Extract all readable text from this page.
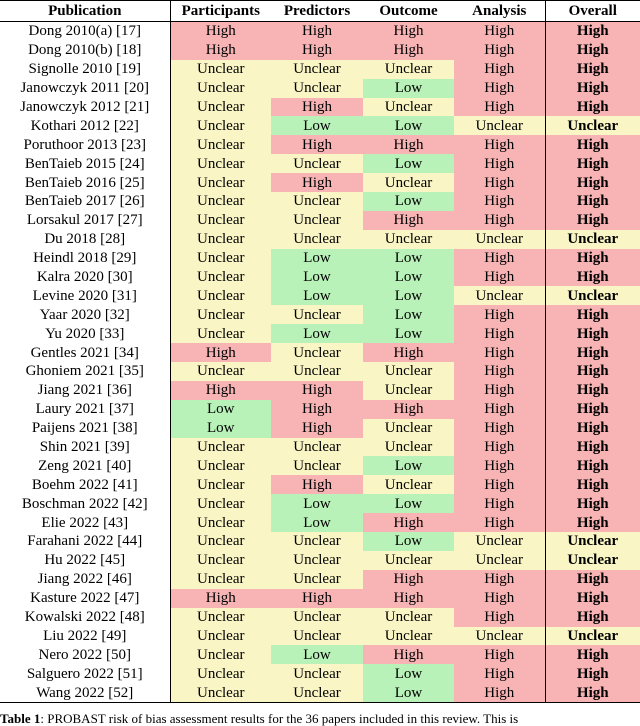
Publication	Participants	Predictors	Outcome	Analysis	Overall
Dong 2010(a) [17]	High	High	High	High	High
Dong 2010(b) [18]	High	High	High	High	High
Signolle 2010 [19]	Unclear	Unclear	Unclear	High	High
Janowczyk 2011 [20]	Unclear	Unclear	Low	High	High
Janowczyk 2012 [21]	Unclear	High	Unclear	High	High
Kothari 2012 [22]	Unclear	Low	Low	Unclear	Unclear
Poruthoor 2013 [23]	Unclear	High	High	High	High
BenTaieb 2015 [24]	Unclear	Unclear	Low	High	High
BenTaieb 2016 [25]	Unclear	High	Unclear	High	High
BenTaieb 2017 [26]	Unclear	Unclear	Low	High	High
Lorsakul 2017 [27]	Unclear	Unclear	High	High	High
Du 2018 [28]	Unclear	Unclear	Unclear	Unclear	Unclear
Heindl 2018 [29]	Unclear	Low	Low	High	High
Kalra 2020 [30]	Unclear	Low	Low	High	High
Levine 2020 [31]	Unclear	Low	Low	Unclear	Unclear
Yaar 2020 [32]	Unclear	Unclear	Low	High	High
Yu 2020 [33]	Unclear	Low	Low	High	High
Gentles 2021 [34]	High	Unclear	High	High	High
Ghoniem 2021 [35]	Unclear	Unclear	Unclear	High	High
Jiang 2021 [36]	High	High	Unclear	High	High
Laury 2021 [37]	Low	High	High	High	High
Paijens 2021 [38]	Low	High	Unclear	High	High
Shin 2021 [39]	Unclear	Unclear	Unclear	High	High
Zeng 2021 [40]	Unclear	Unclear	Low	High	High
Boehm 2022 [41]	Unclear	High	Unclear	High	High
Boschman 2022 [42]	Unclear	Low	Low	High	High
Elie 2022 [43]	Unclear	Low	High	High	High
Farahani 2022 [44]	Unclear	Unclear	Low	Unclear	Unclear
Hu 2022 [45]	Unclear	Unclear	Unclear	Unclear	Unclear
Jiang 2022 [46]	Unclear	Unclear	High	High	High
Kasture 2022 [47]	High	High	High	High	High
Kowalski 2022 [48]	Unclear	Unclear	Unclear	High	High
Liu 2022 [49]	Unclear	Unclear	Unclear	Unclear	Unclear
Nero 2022 [50]	Unclear	Low	High	High	High
Salguero 2022 [51]	Unclear	Unclear	Low	High	High
Wang 2022 [52]	Unclear	Unclear	Low	High	High
Table 1: PROBAST risk of bias assessment results for the 36 papers included in this review. This is
